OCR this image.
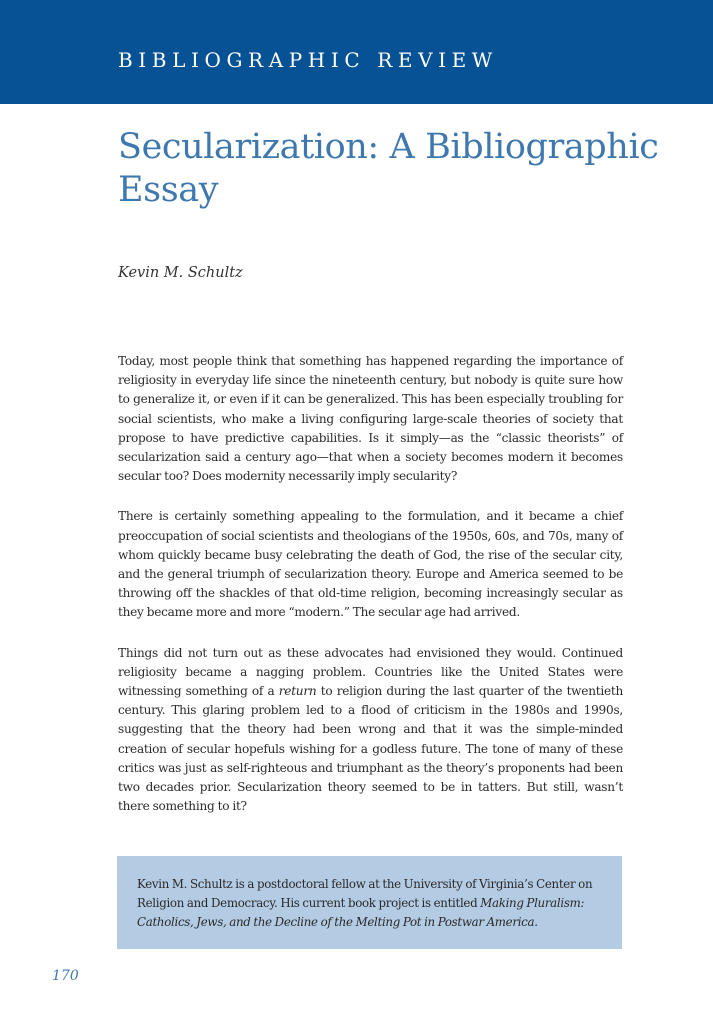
BIBLIOGRAPHIC REVIEW

Secularization: A Bibliographic Essay

Kevin M. Schultz

Today, most people think that something has happened regarding the importance of religiosity in everyday life since the nineteenth century, but nobody is quite sure how to generalize it, or even if it can be generalized. This has been especially troubling for social scientists, who make a living configuring large-scale theories of society that propose to have predictive capabilities. Is it simply—as the “classic theorists” of secularization said a century ago—that when a society becomes modern it becomes secular too? Does modernity necessarily imply secularity?

There is certainly something appealing to the formulation, and it became a chief preoccupation of social scientists and theologians of the 1950s, 60s, and 70s, many of whom quickly became busy celebrating the death of God, the rise of the secular city, and the general triumph of secularization theory. Europe and America seemed to be throwing off the shackles of that old-time religion, becoming increasingly secular as they became more and more “modern.” The secular age had arrived.

Things did not turn out as these advocates had envisioned they would. Continued religiosity became a nagging problem. Countries like the United States were witnessing something of a return to religion during the last quarter of the twentieth century. This glaring problem led to a flood of criticism in the 1980s and 1990s, suggesting that the theory had been wrong and that it was the simple-minded creation of secular hopefuls wishing for a godless future. The tone of many of these critics was just as self-righteous and triumphant as the theory’s proponents had been two decades prior. Secularization theory seemed to be in tatters. But still, wasn’t there something to it?

Kevin M. Schultz is a postdoctoral fellow at the University of Virginia’s Center on Religion and Democracy. His current book project is entitled Making Pluralism: Catholics, Jews, and the Decline of the Melting Pot in Postwar America.

170
